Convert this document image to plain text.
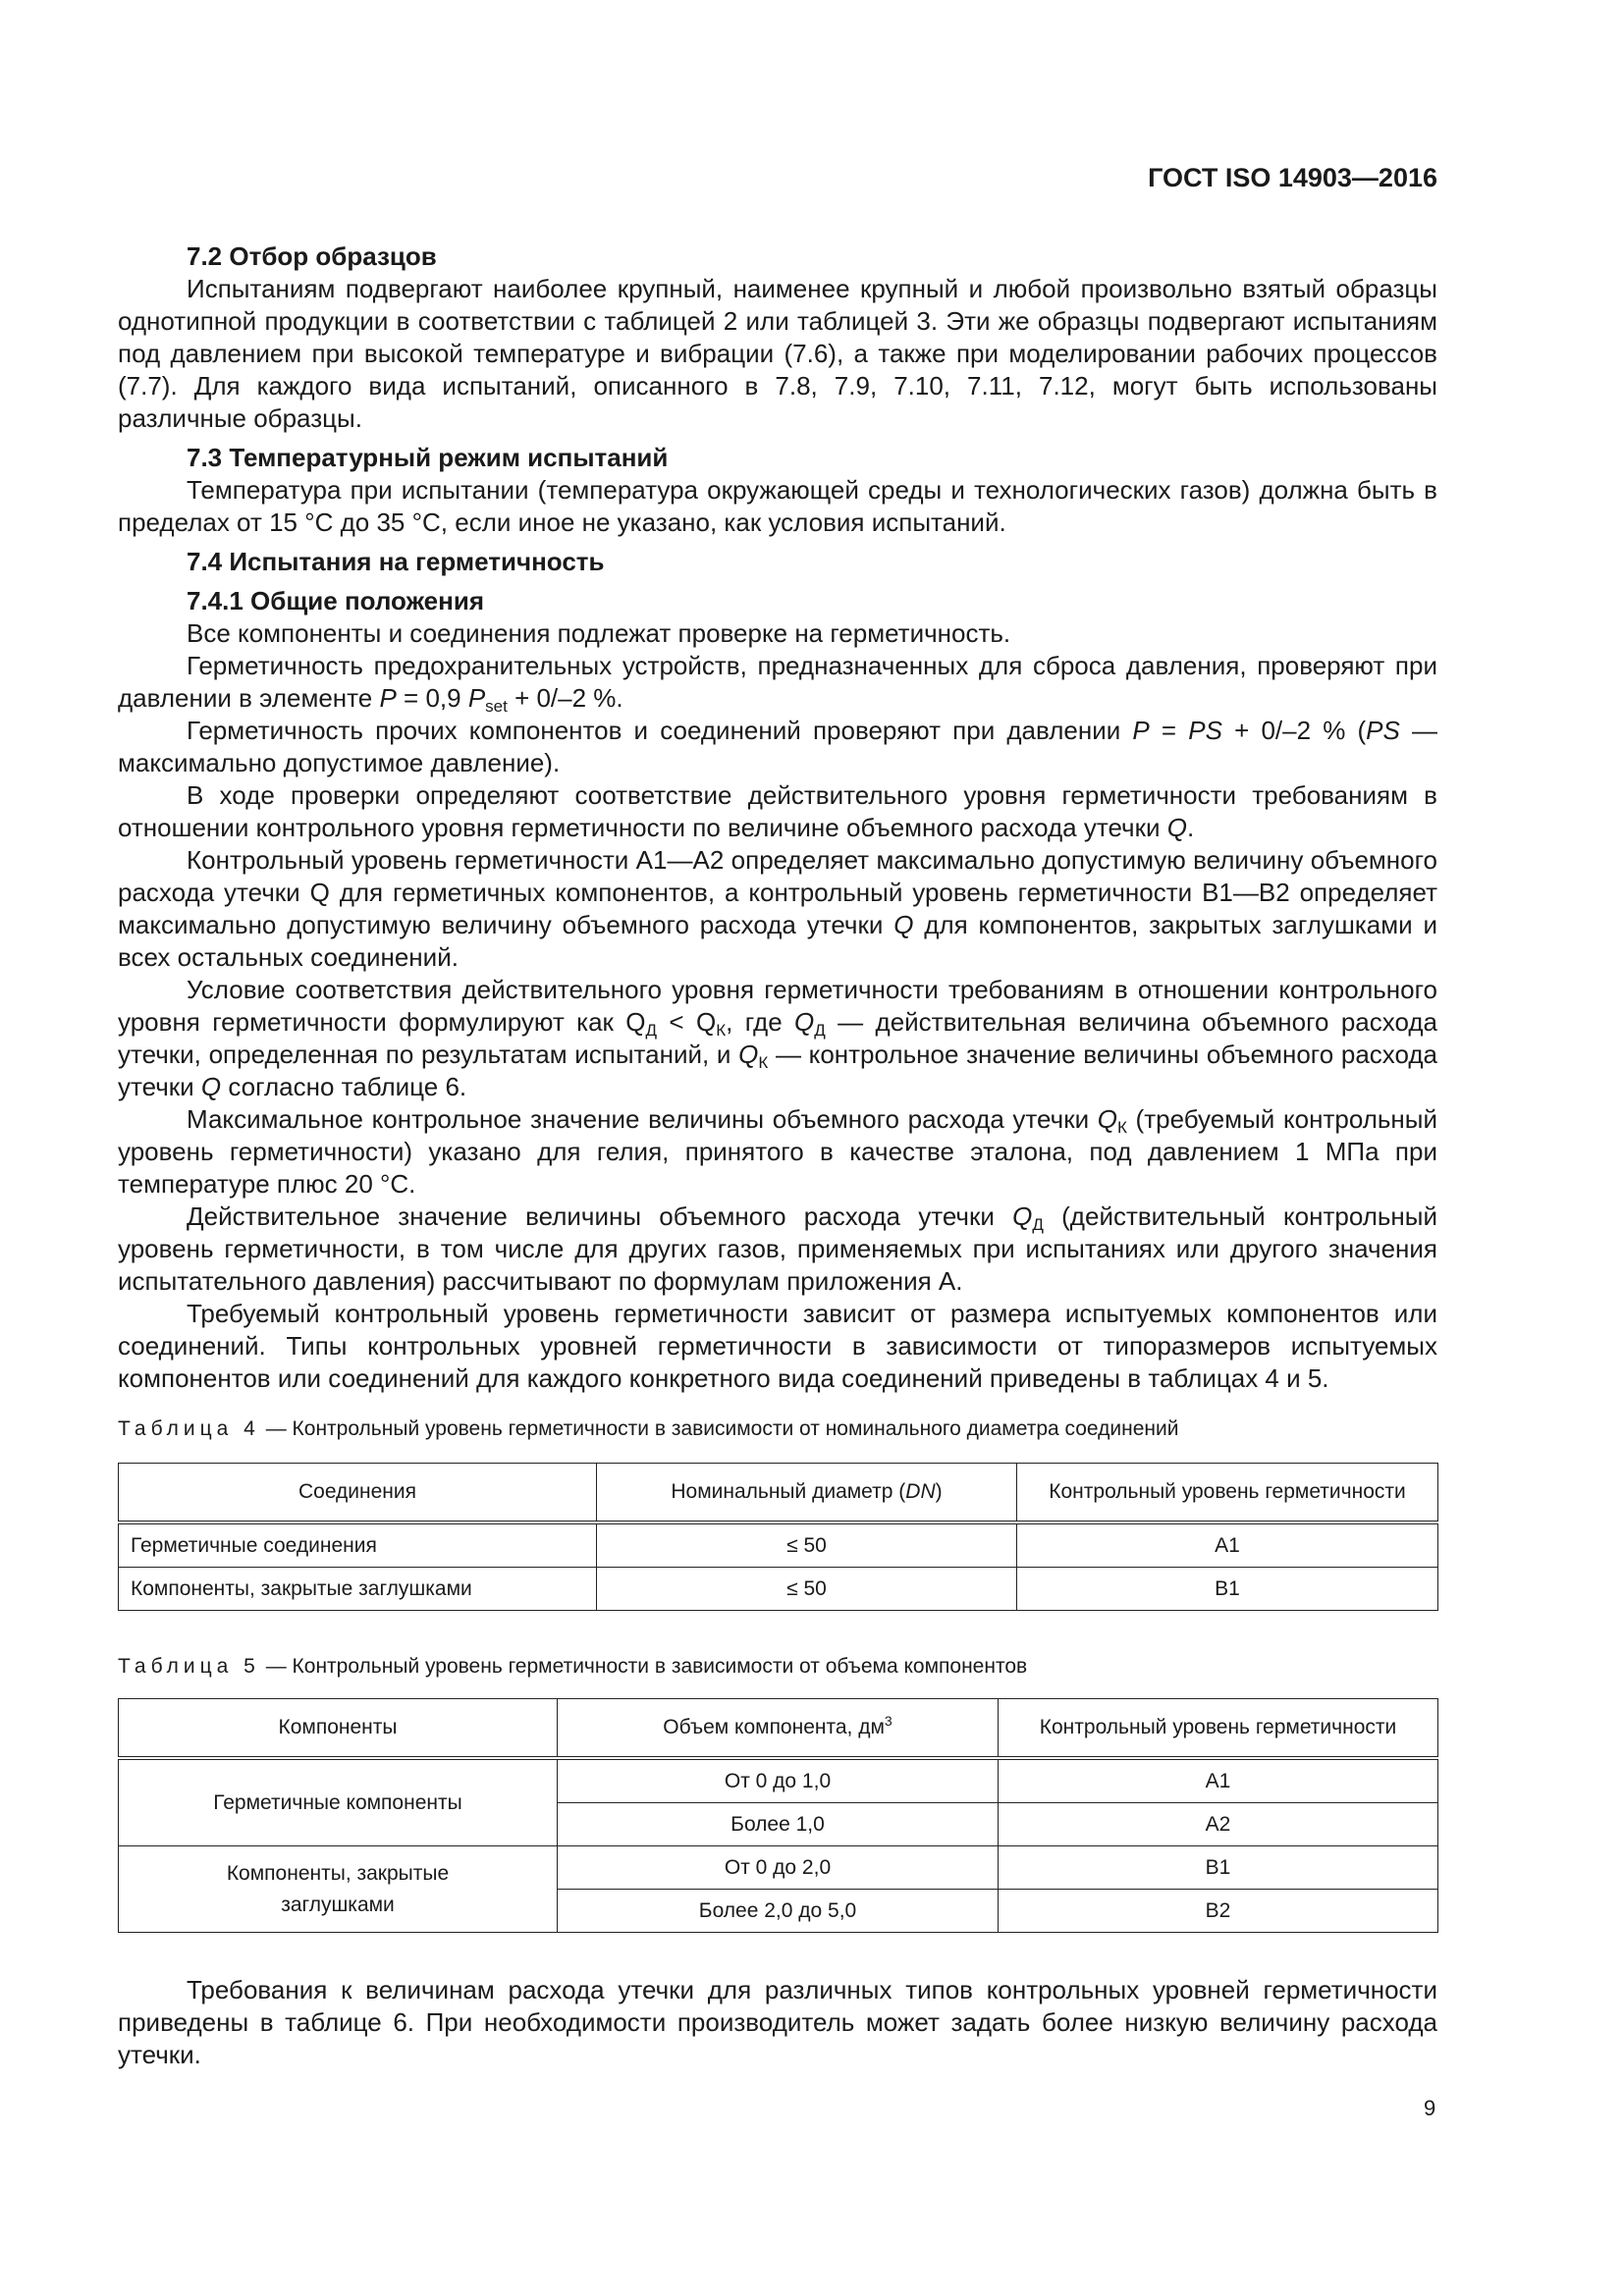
ГОСТ ISO 14903—2016
7.2 Отбор образцов
Испытаниям подвергают наиболее крупный, наименее крупный и любой произвольно взятый образцы однотипной продукции в соответствии с таблицей 2 или таблицей 3. Эти же образцы подвергают испытаниям под давлением при высокой температуре и вибрации (7.6), а также при моделировании рабочих процессов (7.7). Для каждого вида испытаний, описанного в 7.8, 7.9, 7.10, 7.11, 7.12, могут быть использованы различные образцы.
7.3 Температурный режим испытаний
Температура при испытании (температура окружающей среды и технологических газов) должна быть в пределах от 15 °C до 35 °C, если иное не указано, как условия испытаний.
7.4 Испытания на герметичность
7.4.1 Общие положения
Все компоненты и соединения подлежат проверке на герметичность.
Герметичность предохранительных устройств, предназначенных для сброса давления, проверяют при давлении в элементе P = 0,9 $P_{set} + 0/-2$ %.
Герметичность прочих компонентов и соединений проверяют при давлении P = PS + 0/–2 % (PS — максимально допустимое давление).
В ходе проверки определяют соответствие действительного уровня герметичности требованиям в отношении контрольного уровня герметичности по величине объемного расхода утечки Q.
Контрольный уровень герметичности А1—А2 определяет максимально допустимую величину объемного расхода утечки Q для герметичных компонентов, а контрольный уровень герметичности В1—В2 определяет максимально допустимую величину объемного расхода утечки Q для компонентов, закрытых заглушками и всех остальных соединений.
Условие соответствия действительного уровня герметичности требованиям в отношении контрольного уровня герметичности формулируют как $Q_Д < Q_К$, где $Q_Д$ — действительная величина объемного расхода утечки, определенная по результатам испытаний, и $Q_К$ — контрольное значение величины объемного расхода утечки Q согласно таблице 6.
Максимальное контрольное значение величины объемного расхода утечки $Q_К$ (требуемый контрольный уровень герметичности) указано для гелия, принятого в качестве эталона, под давлением 1 МПа при температуре плюс 20 °C.
Действительное значение величины объемного расхода утечки $Q_Д$ (действительный контрольный уровень герметичности, в том числе для других газов, применяемых при испытаниях или другого значения испытательного давления) рассчитывают по формулам приложения А.
Требуемый контрольный уровень герметичности зависит от размера испытуемых компонентов или соединений. Типы контрольных уровней герметичности в зависимости от типоразмеров испытуемых компонентов или соединений для каждого конкретного вида соединений приведены в таблицах 4 и 5.
Таблица 4 — Контрольный уровень герметичности в зависимости от номинального диаметра соединений
Соединения	Номинальный диаметр (DN)	Контрольный уровень герметичности
Герметичные соединения	≤ 50	А1
Компоненты, закрытые заглушками	≤ 50	В1
Таблица 5 — Контрольный уровень герметичности в зависимости от объема компонентов
Компоненты	Объем компонента, $дм^3$	Контрольный уровень герметичности
Герметичные компоненты	От 0 до 1,0	А1
	Более 1,0	А2
Компоненты, закрытые заглушками	От 0 до 2,0	В1
	Более 2,0 до 5,0	В2
Требования к величинам расхода утечки для различных типов контрольных уровней герметичности приведены в таблице 6. При необходимости производитель может задать более низкую величину расхода утечки.
9
